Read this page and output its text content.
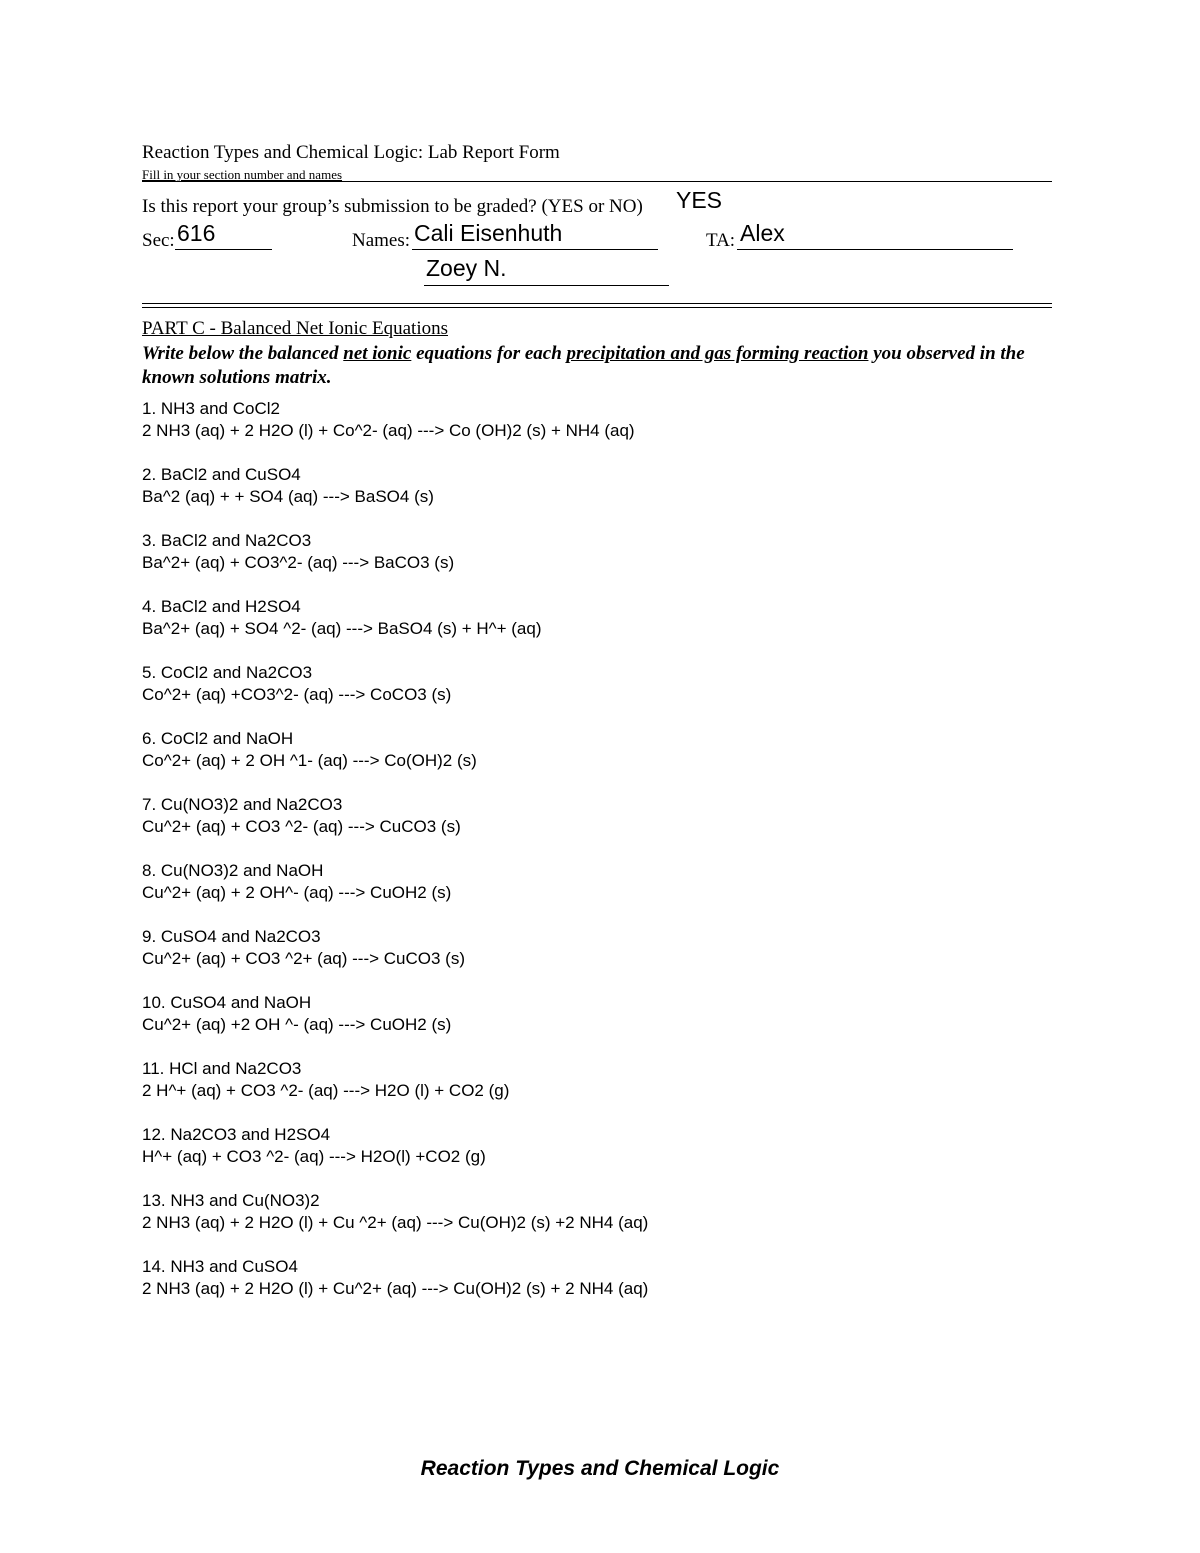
Reaction Types and Chemical Logic: Lab Report Form
Fill in your section number and names
Is this report your group’s submission to be graded? (YES or NO) YES
Sec: 616	Names: Cali Eisenhuth
Zoey N.
TA: Alex
PART C - Balanced Net Ionic Equations
Write below the balanced net ionic equations for each precipitation and gas forming reaction you observed in the known solutions matrix.
1. NH3 and CoCl2
2 NH3 (aq) + 2 H2O (l) + Co^2- (aq) ---> Co (OH)2 (s) + NH4 (aq)
2. BaCl2 and CuSO4
Ba^2 (aq) + + SO4 (aq) ---> BaSO4 (s)
3. BaCl2 and Na2CO3
Ba^2+ (aq) + CO3^2- (aq) ---> BaCO3 (s)
4. BaCl2 and H2SO4
Ba^2+ (aq) + SO4 ^2- (aq) ---> BaSO4 (s) + H^+ (aq)
5. CoCl2 and Na2CO3
Co^2+ (aq) +CO3^2- (aq) ---> CoCO3 (s)
6. CoCl2 and NaOH
Co^2+ (aq) + 2 OH ^1- (aq) ---> Co(OH)2 (s)
7. Cu(NO3)2 and Na2CO3
Cu^2+ (aq) + CO3 ^2- (aq) ---> CuCO3 (s)
8. Cu(NO3)2 and NaOH
Cu^2+ (aq) + 2 OH^- (aq) ---> CuOH2 (s)
9. CuSO4 and Na2CO3
Cu^2+ (aq) + CO3 ^2+ (aq) ---> CuCO3 (s)
10. CuSO4 and NaOH
Cu^2+ (aq) +2 OH ^- (aq) ---> CuOH2 (s)
11. HCl and Na2CO3
2 H^+ (aq) + CO3 ^2- (aq) ---> H2O (l) + CO2 (g)
12. Na2CO3 and H2SO4
H^+ (aq) + CO3 ^2- (aq) ---> H2O(l) +CO2 (g)
13. NH3 and Cu(NO3)2
2 NH3 (aq) + 2 H2O (l) + Cu ^2+ (aq) ---> Cu(OH)2 (s) +2 NH4 (aq)
14. NH3 and CuSO4
2 NH3 (aq) + 2 H2O (l) + Cu^2+ (aq) ---> Cu(OH)2 (s) + 2 NH4 (aq)
Reaction Types and Chemical Logic
